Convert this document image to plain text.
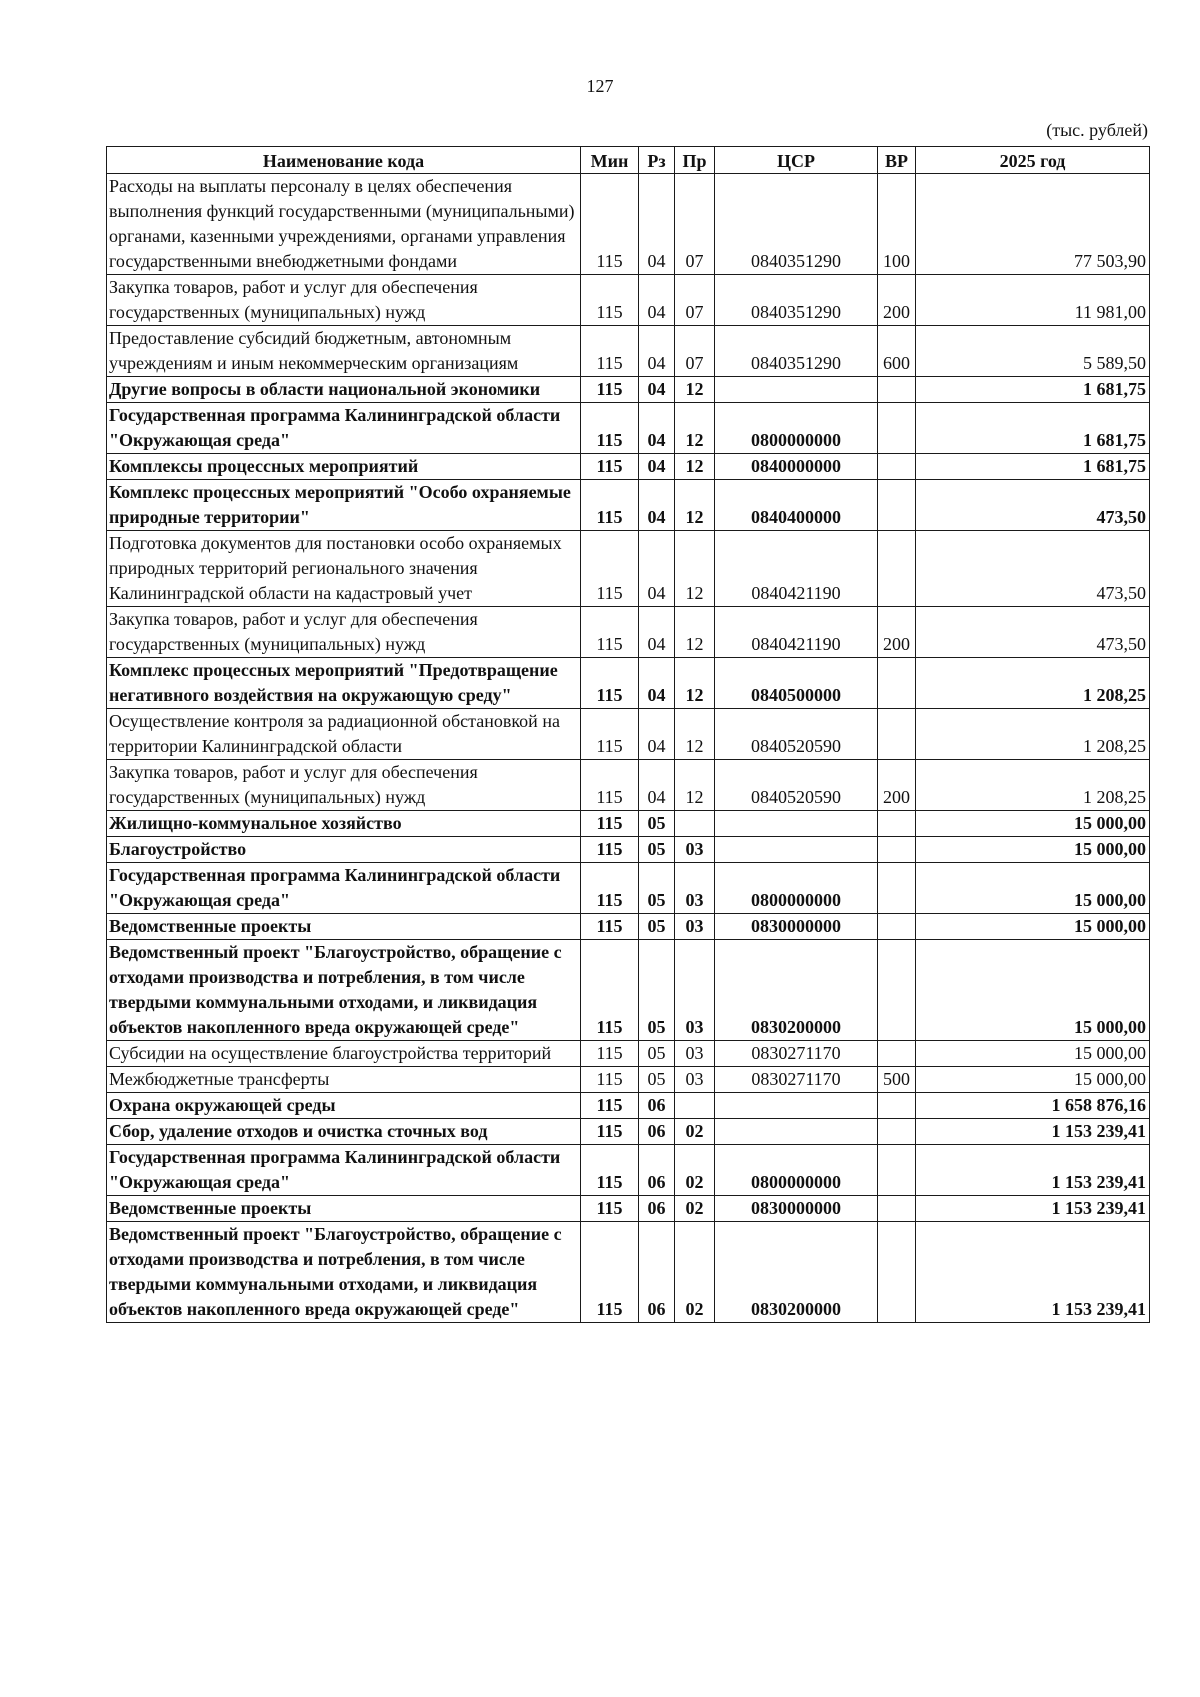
127
(тыс. рублей)
Наименование кода	Мин	Рз	Пр	ЦСР	ВР	2025 год
Расходы на выплаты персоналу в целях обеспечения выполнения функций государственными (муниципальными) органами, казенными учреждениями, органами управления государственными внебюджетными фондами	115	04	07	0840351290	100	77 503,90
Закупка товаров, работ и услуг для обеспечения государственных (муниципальных) нужд	115	04	07	0840351290	200	11 981,00
Предоставление субсидий бюджетным, автономным учреждениям и иным некоммерческим организациям	115	04	07	0840351290	600	5 589,50
Другие вопросы в области национальной экономики	115	04	12			1 681,75
Государственная программа Калининградской области "Окружающая среда"	115	04	12	0800000000		1 681,75
Комплексы процессных мероприятий	115	04	12	0840000000		1 681,75
Комплекс процессных мероприятий "Особо охраняемые природные территории"	115	04	12	0840400000		473,50
Подготовка документов для постановки особо охраняемых природных территорий регионального значения Калининградской области на кадастровый учет	115	04	12	0840421190		473,50
Закупка товаров, работ и услуг для обеспечения государственных (муниципальных) нужд	115	04	12	0840421190	200	473,50
Комплекс процессных мероприятий "Предотвращение негативного воздействия на окружающую среду"	115	04	12	0840500000		1 208,25
Осуществление контроля за радиационной обстановкой на территории Калининградской области	115	04	12	0840520590		1 208,25
Закупка товаров, работ и услуг для обеспечения государственных (муниципальных) нужд	115	04	12	0840520590	200	1 208,25
Жилищно-коммунальное хозяйство	115	05				15 000,00
Благоустройство	115	05	03			15 000,00
Государственная программа Калининградской области "Окружающая среда"	115	05	03	0800000000		15 000,00
Ведомственные проекты	115	05	03	0830000000		15 000,00
Ведомственный проект "Благоустройство, обращение с отходами производства и потребления, в том числе твердыми коммунальными отходами, и ликвидация объектов накопленного вреда окружающей среде"	115	05	03	0830200000		15 000,00
Субсидии на осуществление благоустройства территорий	115	05	03	0830271170		15 000,00
Межбюджетные трансферты	115	05	03	0830271170	500	15 000,00
Охрана окружающей среды	115	06				1 658 876,16
Сбор, удаление отходов и очистка сточных вод	115	06	02			1 153 239,41
Государственная программа Калининградской области "Окружающая среда"	115	06	02	0800000000		1 153 239,41
Ведомственные проекты	115	06	02	0830000000		1 153 239,41
Ведомственный проект "Благоустройство, обращение с отходами производства и потребления, в том числе твердыми коммунальными отходами, и ликвидация объектов накопленного вреда окружающей среде"	115	06	02	0830200000		1 153 239,41
